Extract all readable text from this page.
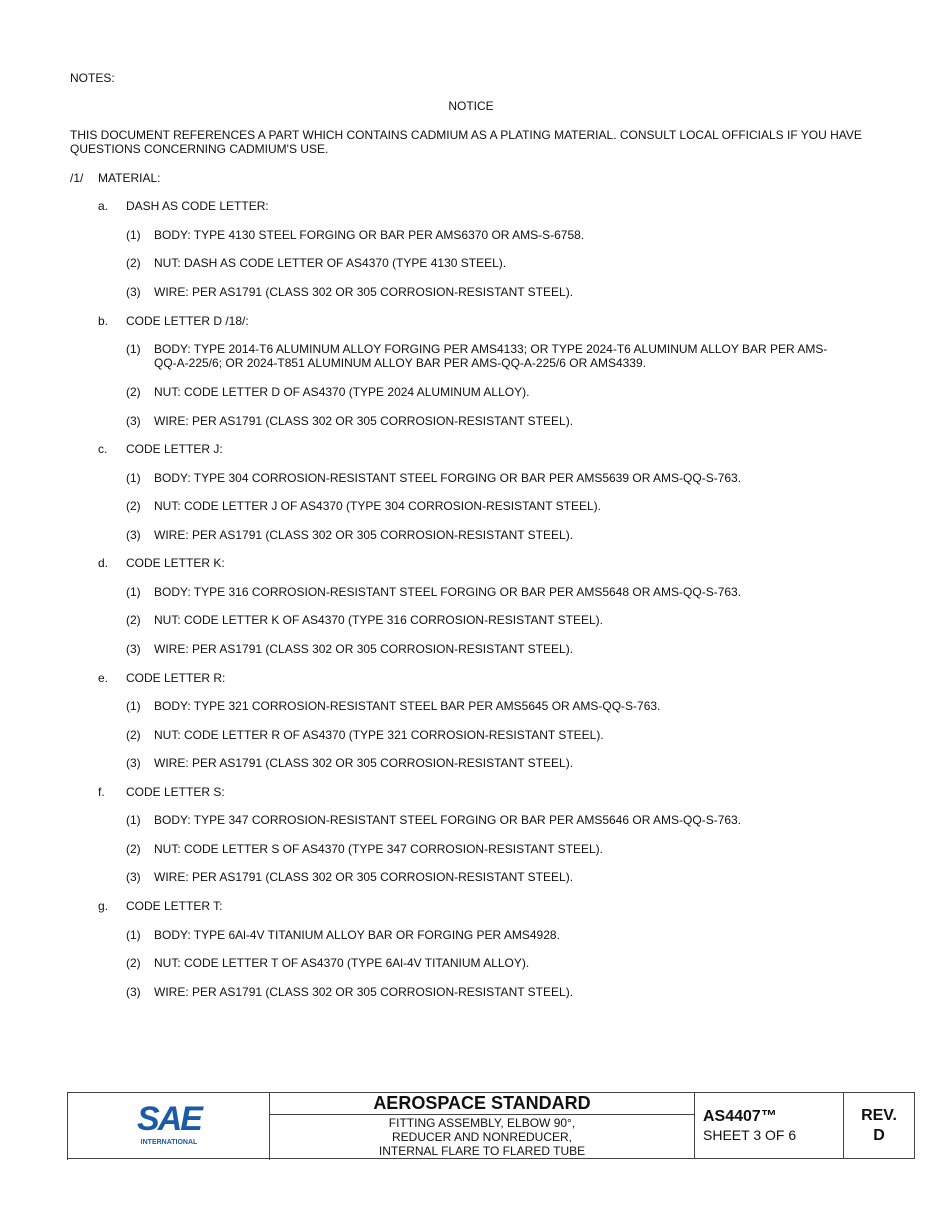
NOTES:
NOTICE
THIS DOCUMENT REFERENCES A PART WHICH CONTAINS CADMIUM AS A PLATING MATERIAL. CONSULT LOCAL OFFICIALS IF YOU HAVE QUESTIONS CONCERNING CADMIUM'S USE.
/1/ MATERIAL:
a. DASH AS CODE LETTER:
(1) BODY: TYPE 4130 STEEL FORGING OR BAR PER AMS6370 OR AMS-S-6758.
(2) NUT: DASH AS CODE LETTER OF AS4370 (TYPE 4130 STEEL).
(3) WIRE: PER AS1791 (CLASS 302 OR 305 CORROSION-RESISTANT STEEL).
b. CODE LETTER D /18/:
(1) BODY: TYPE 2014-T6 ALUMINUM ALLOY FORGING PER AMS4133; OR TYPE 2024-T6 ALUMINUM ALLOY BAR PER AMS-QQ-A-225/6; OR 2024-T851 ALUMINUM ALLOY BAR PER AMS-QQ-A-225/6 OR AMS4339.
(2) NUT: CODE LETTER D OF AS4370 (TYPE 2024 ALUMINUM ALLOY).
(3) WIRE: PER AS1791 (CLASS 302 OR 305 CORROSION-RESISTANT STEEL).
c. CODE LETTER J:
(1) BODY: TYPE 304 CORROSION-RESISTANT STEEL FORGING OR BAR PER AMS5639 OR AMS-QQ-S-763.
(2) NUT: CODE LETTER J OF AS4370 (TYPE 304 CORROSION-RESISTANT STEEL).
(3) WIRE: PER AS1791 (CLASS 302 OR 305 CORROSION-RESISTANT STEEL).
d. CODE LETTER K:
(1) BODY: TYPE 316 CORROSION-RESISTANT STEEL FORGING OR BAR PER AMS5648 OR AMS-QQ-S-763.
(2) NUT: CODE LETTER K OF AS4370 (TYPE 316 CORROSION-RESISTANT STEEL).
(3) WIRE: PER AS1791 (CLASS 302 OR 305 CORROSION-RESISTANT STEEL).
e. CODE LETTER R:
(1) BODY: TYPE 321 CORROSION-RESISTANT STEEL BAR PER AMS5645 OR AMS-QQ-S-763.
(2) NUT: CODE LETTER R OF AS4370 (TYPE 321 CORROSION-RESISTANT STEEL).
(3) WIRE: PER AS1791 (CLASS 302 OR 305 CORROSION-RESISTANT STEEL).
f. CODE LETTER S:
(1) BODY: TYPE 347 CORROSION-RESISTANT STEEL FORGING OR BAR PER AMS5646 OR AMS-QQ-S-763.
(2) NUT: CODE LETTER S OF AS4370 (TYPE 347 CORROSION-RESISTANT STEEL).
(3) WIRE: PER AS1791 (CLASS 302 OR 305 CORROSION-RESISTANT STEEL).
g. CODE LETTER T:
(1) BODY: TYPE 6Al-4V TITANIUM ALLOY BAR OR FORGING PER AMS4928.
(2) NUT: CODE LETTER T OF AS4370 (TYPE 6Al-4V TITANIUM ALLOY).
(3) WIRE: PER AS1791 (CLASS 302 OR 305 CORROSION-RESISTANT STEEL).
SAE
INTERNATIONAL

AEROSPACE STANDARD
FITTING ASSEMBLY, ELBOW 90°,
REDUCER AND NONREDUCER,
INTERNAL FLARE TO FLARED TUBE

AS4407™
SHEET 3 OF 6

REV.
D
